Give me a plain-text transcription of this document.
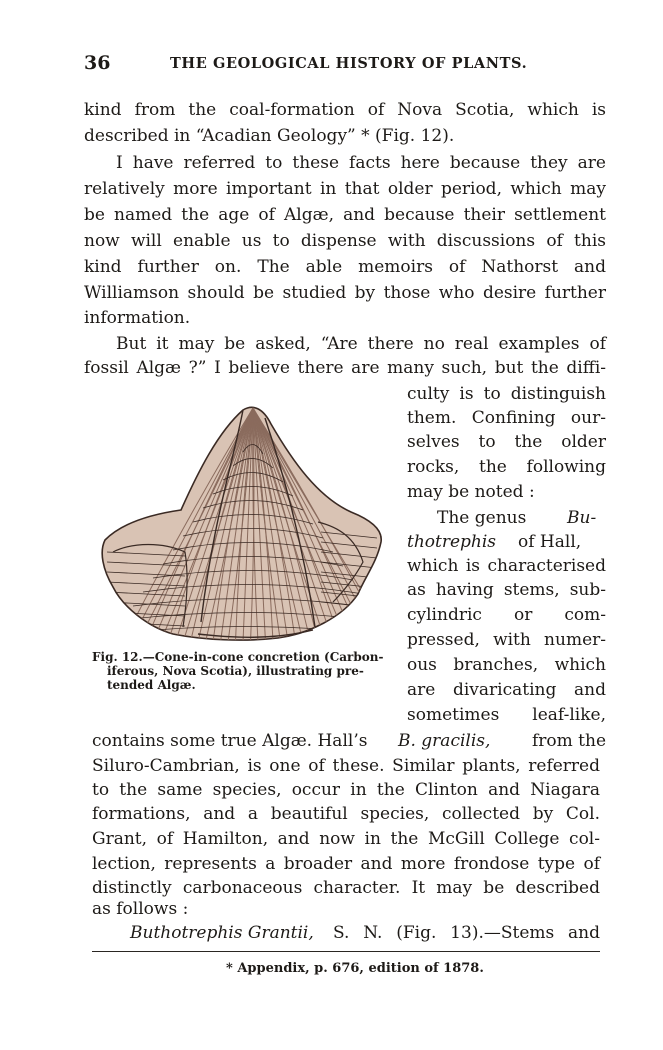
36	THE GEOLOGICAL HISTORY OF PLANTS.
kind from the coal-formation of Nova Scotia, which is
described in “Acadian Geology” * (Fig. 12).
I have referred to these facts here because they are
relatively more important in that older period, which may
be named the age of Algæ, and because their settlement
now will enable us to dispense with discussions of this
kind further on. The able memoirs of Nathorst and
Williamson should be studied by those who desire further
information.
But it may be asked, “Are there no real examples of
fossil Algæ ?” I believe there are many such, but the diffi-
Fig. 12.—Cone-in-cone concretion (Carbon-
iferous, Nova Scotia), illustrating pre-
tended Algæ.
culty is to distinguish
them. Confining our-
selves to the older
rocks, the following
may be noted :
The genus Bu-
thotrephis	of Hall,
which is characterised
as having stems, sub-
cylindric or com-
pressed, with numer-
ous branches, which
are divaricating and
sometimes leaf-like,
contains some true Algæ. Hall’s	B. gracilis,	from the
Siluro-Cambrian, is one of these. Similar plants, referred
to the same species, occur in the Clinton and Niagara
formations, and a beautiful species, collected by Col.
Grant, of Hamilton, and now in the McGill College col-
lection, represents a broader and more frondose type of
distinctly carbonaceous character. It may be described
as follows :
Buthotrephis Grantii,	S. N. (Fig. 13).—Stems and
* Appendix, p. 676, edition of 1878.
